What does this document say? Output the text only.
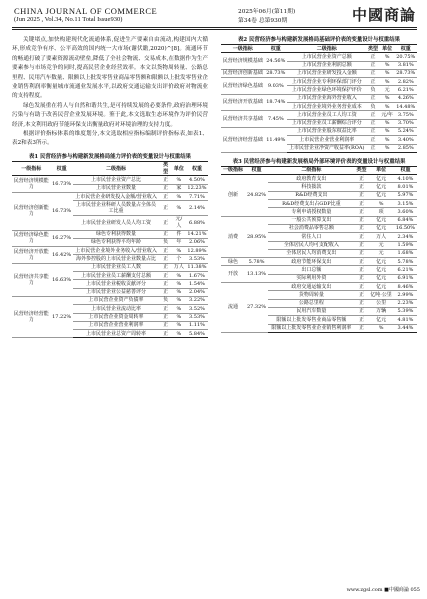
CHINA JOURNAL OF COMMERCE
(Jun 2025 , Vol.34, No.11 Total Issue930)
2025年06月(第11期)
第34卷 总第930期	中國商論

关键堵点,加快构建现代化流通体系,促进生产要素自由流动,构建国内大循环,形成竞争有序、公平高效的国内统一大市场(谢伏瞻,2020)^[8]。流通环节的畅通打破了要素资源流动壁垒,降低了全社会物流、交易成本,在数据作为生产要素参与市场竞争的同时,提高民营企业经营效率。本文以货物周转量、公路总里程、民用汽车数量、限额以上批发零售业商品零售额和限额以上批发零售业企业销售利润率衡量城市流通业发展水平,以政府交通运输支出评价政府对物流业的支持程度。

绿色发展重在将人与自然和谐共生,是可持续发展的必要条件,政府治理环境污染与有助于改善民营企业发展环境。鉴于此,本文选取生态环境作为评价民营经济,本文利用政府节能环保支出衡量政府对环境治理的支持力度。

根据评价指标体系的维度划分,本文选取相应指标编制评价指标表,如表1、表2和表3所示。

表1 民营经济参与构建新发展格局能力评价表的变量设计与权重结果

一级指标	权重	二级指标	类型	单位	权重
民营经济规模能力	16.73%	上市民营企业资产总比	正	%	4.50%
		上市民营企业数量	正	家	12.23%
民营经济创新能力	16.73%	上市民营企业研发投入金额/营业收入	正	%	7.71%
		上市民营企业科研人员数量占全体员工比重	正	%	2.14%
		上市民营企业研发人员人均工资	正	元/人	6.88%
民营经济绿色能力	16.27%	绿色专利获得数量	正	件	14.21%
		绿色专利获得平均年龄	负	年	2.06%
民营经济开放能力	16.42%	上市民营企业境外业务收入/营业收入	正	%	12.89%
		海外参控股的上市民营企业数量占比	正	个	3.53%
民营经济共享能力	16.63%	上市民营企业员工人数	正	万人	11.38%
		上市民营企业员工薪酬支付总额	正	%	1.67%
		上市民营企业税收贡献评分	正	%	1.54%
		上市民营企业公益慈善评分	正	%	2.04%
民营经济经营能力	17.22%	上市民营企业资产负债率	负	%	3.22%
		上市民营企业流动比率	正	%	3.52%
		上市民营企业资金周转率	正	%	3.53%
		上市民营企业营业利润率	正	%	1.11%
		上市民营企业总资产周转率	正	%	5.84%

表2 民营经济参与构建新发展格局基础评价表的变量设计与权重结果

一级指标	权重	二级指标	类型	单位	权重
民营经济规模基础	24.56%	上市民营企业资产总额	正	%	20.75%
		上市民营企业利润总额	正	%	3.81%
民营经济创新基础	28.73%	上市民营企业研发投入金额	正	%	28.73%
民营经济绿色基础	9.03%	上市民营企业专利环保部门评分	正	%	2.82%
		上市民营企业绿色环境保护评价	负	元	6.21%
民营经济开放基础	18.74%	上市民营企业海外营业收入	正	%	4.26%
		上市民营企业境外业务营业成本	负	%	14.48%
民营经济共享基础	7.45%	上市民营企业员工人均工资	正	元/年	3.75%
		上市民营企业员工薪酬综合评分	正	%	3.70%
民营经济经营基础	11.49%	上市民营企业股东权益比率	正	%	5.24%
		上市民营企业营业利润率	正	%	3.40%
		上市民营企业净资产收益率(ROA)	正	%	2.85%

表3 民营经济参与构建新发展格局外部环境评价表的变量设计与权重结果

一级指标	权重	二级指标	类型	单位	权重
创新	24.82%	政府教育支出	正	亿元	4.10%
		科技拨款	正	亿元	8.01%
		R&D经费支出	正	亿元	5.97%
		R&D经费支出占GDP比重	正	%	3.15%
		专利申请授权数量	正	项	3.60%
消费	28.95%	一般公共预算支出	正	亿元	6.84%
		社会消费品零售总额	正	亿元	16.50%
		常住人口	正	万人	2.34%
		全体居民人均可支配收入	正	元	1.59%
		全体居民人均消费支出	正	元	1.68%
绿色	5.78%	政府节能环保支出	正	亿元	5.78%
开放	13.13%	出口总额	正	亿元	6.21%
		实际利用外资	正	亿元	6.91%
流通	27.32%	政府交通运输支出	正	亿元	8.46%
		货物周转量	正	亿吨·公里	2.99%
		公路总里程	正	公里	2.23%
		民用汽车数量	正	万辆	5.39%
		限额以上批发零售业商品零售额	正	亿元	4.81%
		限额以上批发零售业企业销售利润率	正	%	3.44%
www.zgsl.com ■中國商論 055
